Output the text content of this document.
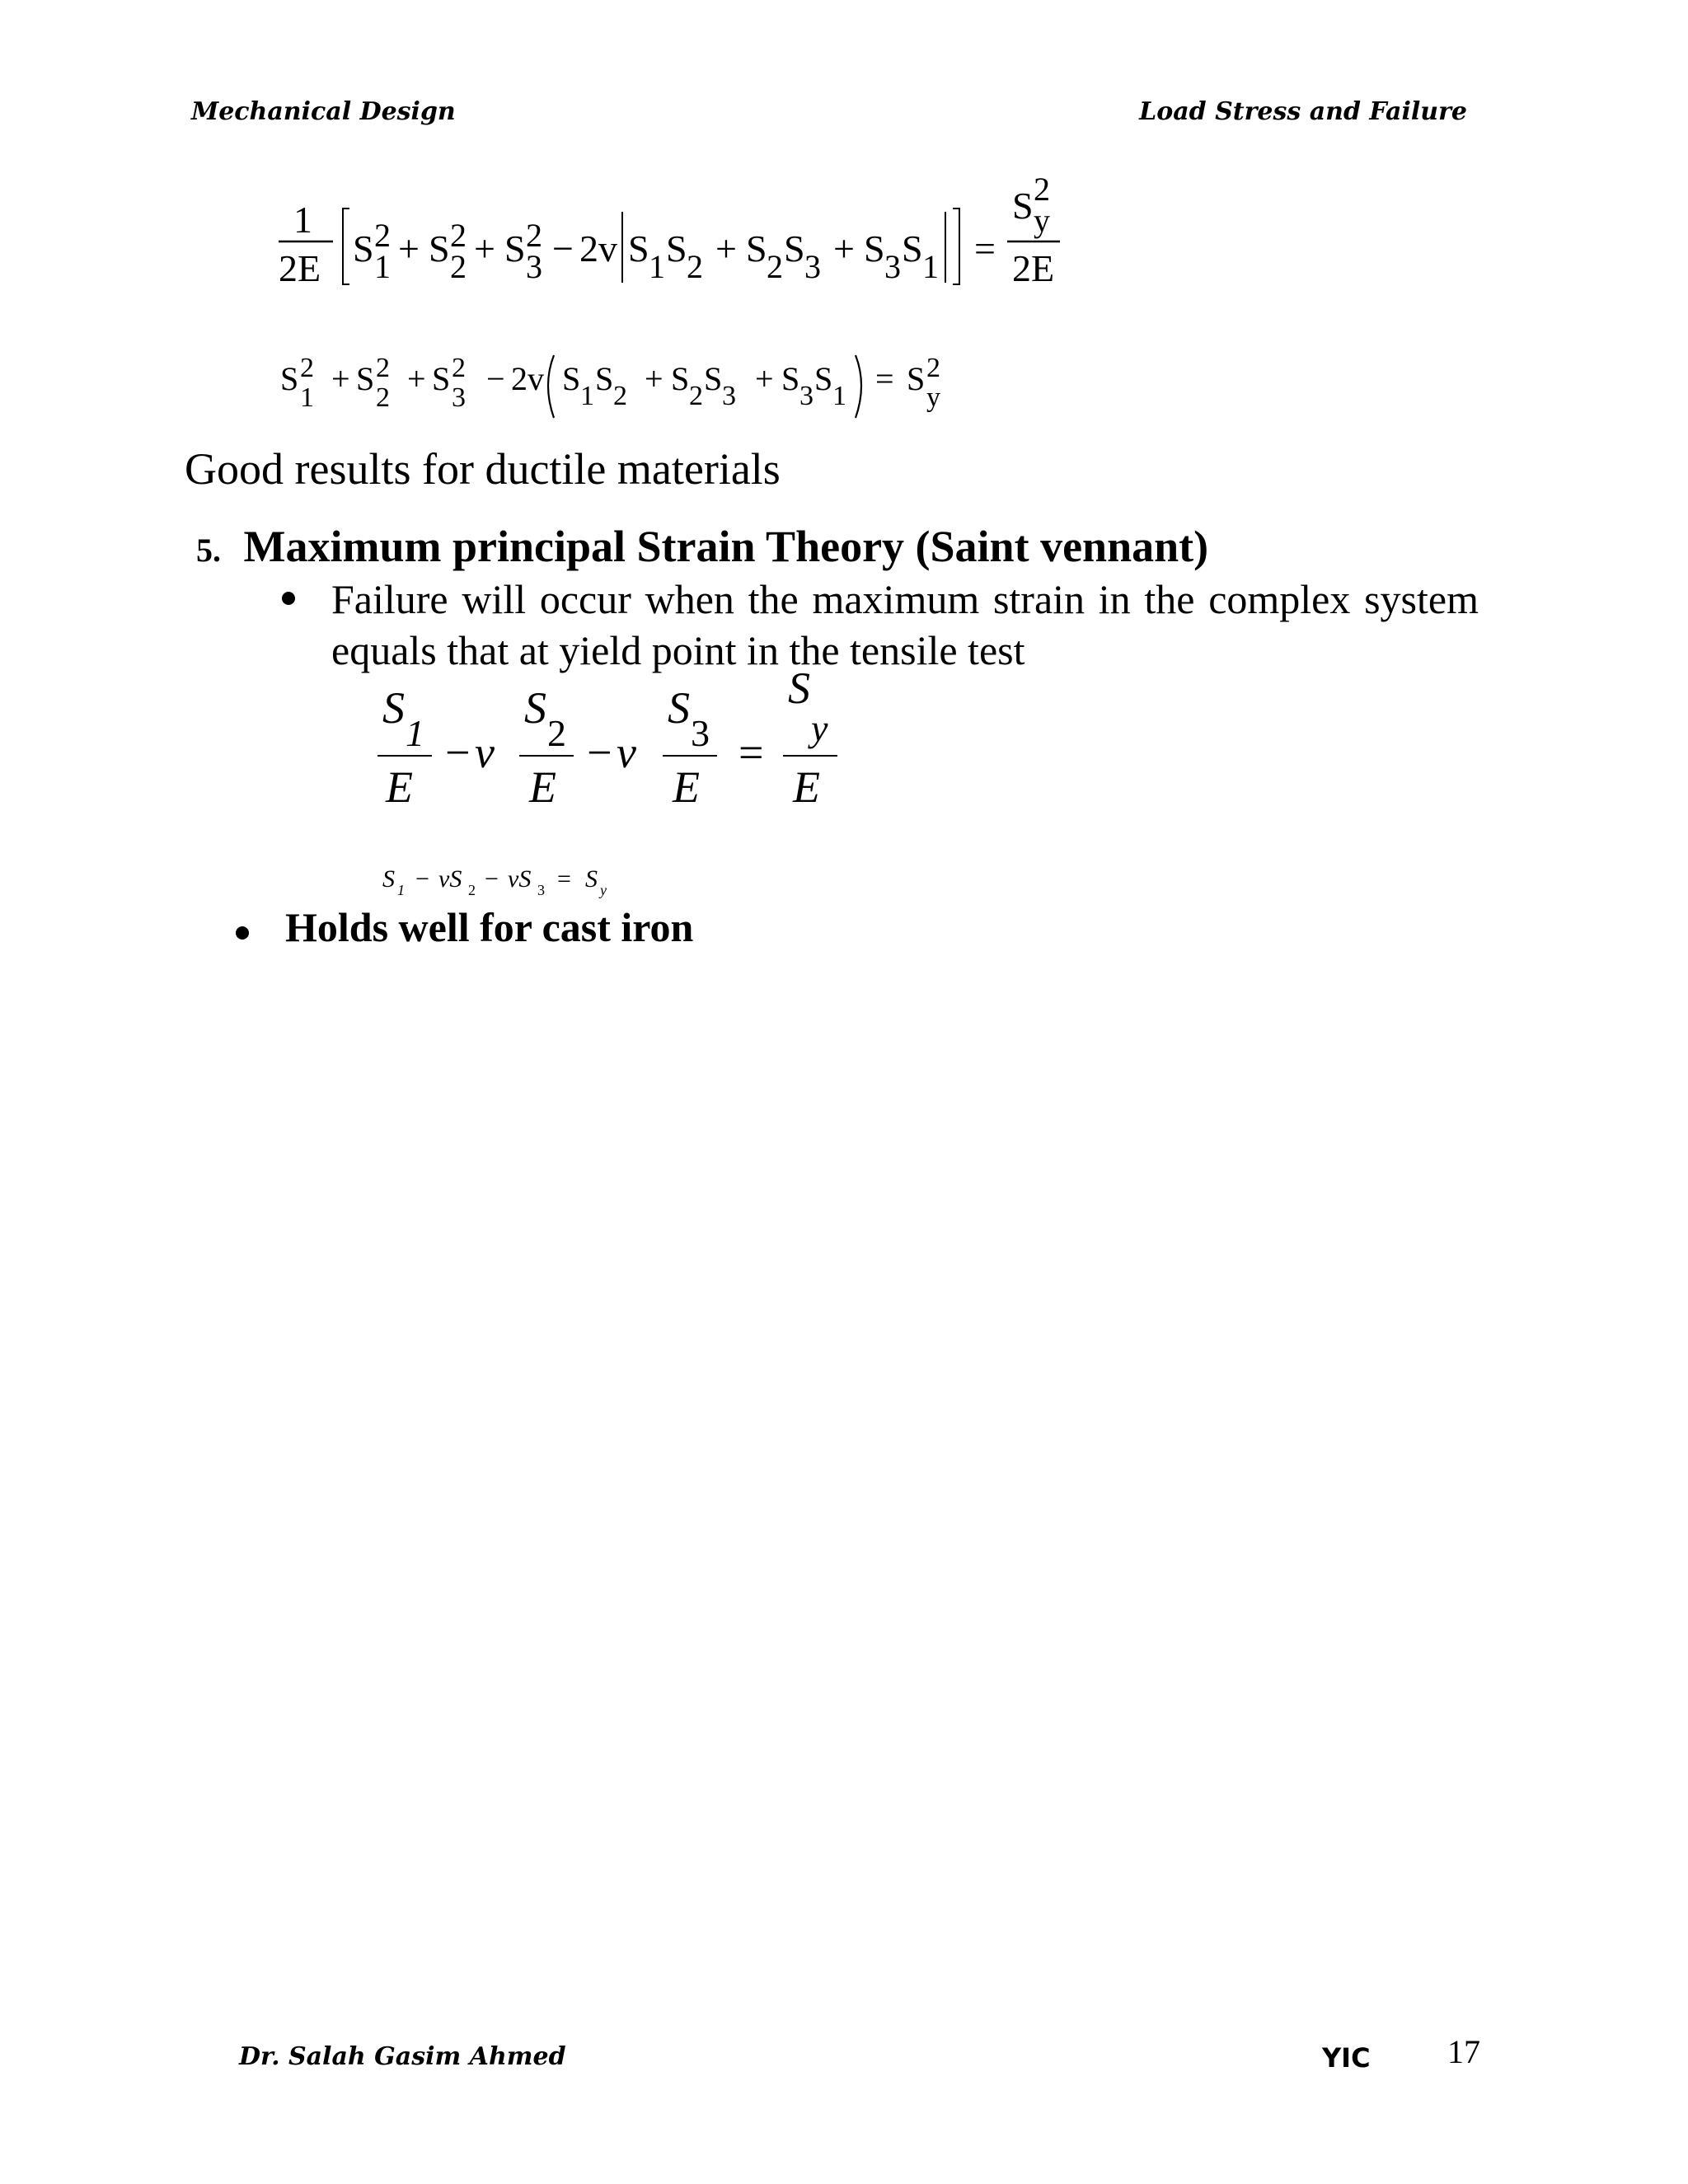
Mechanical Design	Load Stress and Failure
1
2E S 2
1 + S 2
2 + S 2
3 − 2v S 1 S 2 + S 2 S 3 + S 3 S 1 =
S 2
y
2E
S 2
1
+ S 2
2
+ S 2
3
− 2v S 1 S 2 + S 2 S 3 + S 3 S 1 = S 2
y
Good results for ductile materials
5. Maximum principal Strain Theory (Saint vennant)
Failure will occur when the maximum strain in the complex system equals that at yield point in the tensile test
S
1
E
− v
S
2
E
− v
S
3
E
=
S
y
E
S 1 − vS 2 − vS 3 = S y
Holds well for cast iron
Dr. Salah Gasim Ahmed	YIC 17
